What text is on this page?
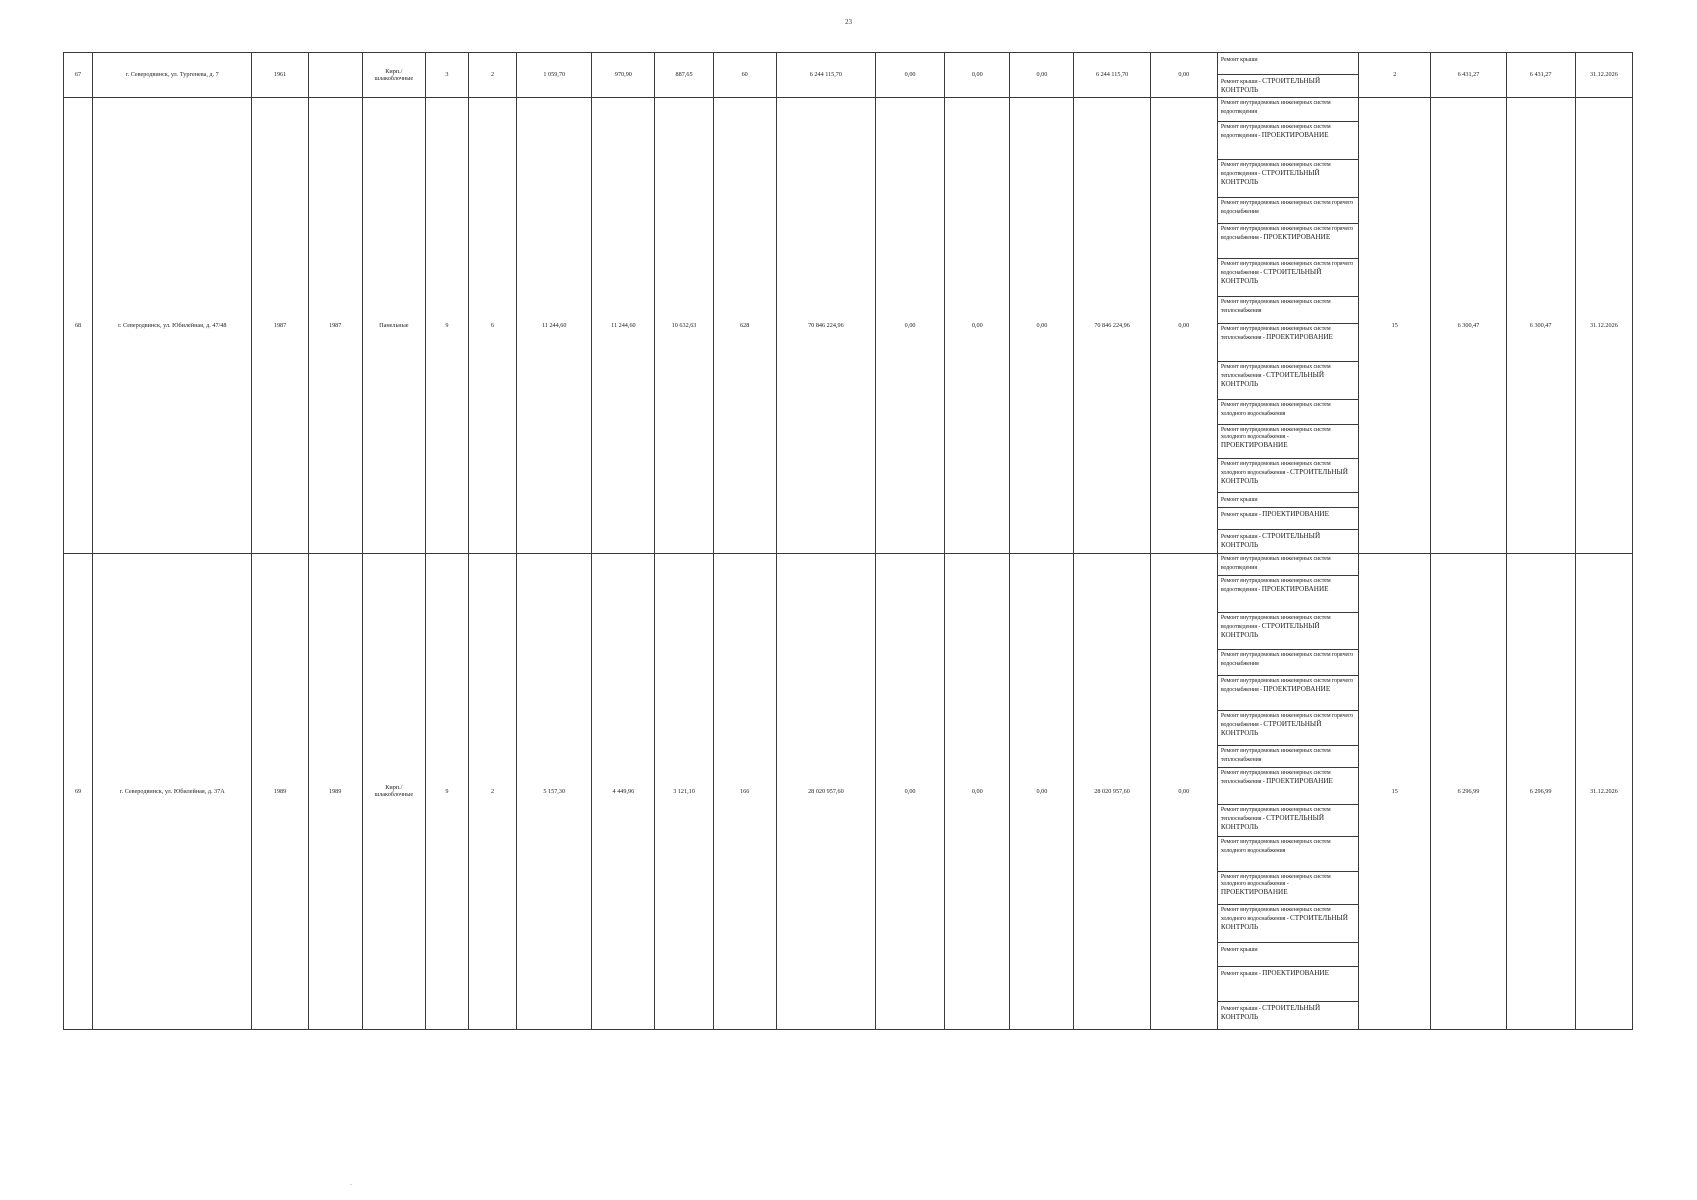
23
67	г. Северодвинск, ул. Тургенева, д. 7	1961		Кирп./ шлакоблочные	3	2	1 059,70	970,90	887,65	60	6 244 115,70	0,00	0,00	0,00	6 244 115,70	0,00	Ремонт крыши	2	6 431,27	6 431,27	31.12.2026
																	Ремонт крыши - СТРОИТЕЛЬНЫЙ КОНТРОЛЬ				
68	г. Северодвинск, ул. Юбилейная, д. 47/48	1987	1987	Панельные	9	6	11 244,60	11 244,60	10 632,63	628	70 846 224,96	0,00	0,00	0,00	70 846 224,96	0,00	Ремонт внутридомовых инженерных систем водоотведения	15	6 300,47	6 300,47	31.12.2026
																	Ремонт внутридомовых инженерных систем водоотведения - ПРОЕКТИРОВАНИЕ				
																	Ремонт внутридомовых инженерных систем водоотведения - СТРОИТЕЛЬНЫЙ КОНТРОЛЬ				
																	Ремонт внутридомовых инженерных систем горячего водоснабжения				
																	Ремонт внутридомовых инженерных систем горячего водоснабжения - ПРОЕКТИРОВАНИЕ				
																	Ремонт внутридомовых инженерных систем горячего водоснабжения - СТРОИТЕЛЬНЫЙ КОНТРОЛЬ				
																	Ремонт внутридомовых инженерных систем теплоснабжения				
																	Ремонт внутридомовых инженерных систем теплоснабжения - ПРОЕКТИРОВАНИЕ				
																	Ремонт внутридомовых инженерных систем теплоснабжения - СТРОИТЕЛЬНЫЙ КОНТРОЛЬ				
																	Ремонт внутридомовых инженерных систем холодного водоснабжения				
																	Ремонт внутридомовых инженерных систем холодного водоснабжения - ПРОЕКТИРОВАНИЕ				
																	Ремонт внутридомовых инженерных систем холодного водоснабжения - СТРОИТЕЛЬНЫЙ КОНТРОЛЬ				
																	Ремонт крыши				
																	Ремонт крыши - ПРОЕКТИРОВАНИЕ				
																	Ремонт крыши - СТРОИТЕЛЬНЫЙ КОНТРОЛЬ				
69	г. Северодвинск, ул. Юбилейная, д. 37А	1989	1989	Кирп./ шлакоблочные	9	2	5 157,30	4 449,96	3 121,10	166	28 020 957,60	0,00	0,00	0,00	28 020 957,60	0,00	Ремонт внутридомовых инженерных систем водоотведения	15	6 296,99	6 296,99	31.12.2026
																	Ремонт внутридомовых инженерных систем водоотведения - ПРОЕКТИРОВАНИЕ				
																	Ремонт внутридомовых инженерных систем водоотведения - СТРОИТЕЛЬНЫЙ КОНТРОЛЬ				
																	Ремонт внутридомовых инженерных систем горячего водоснабжения				
																	Ремонт внутридомовых инженерных систем горячего водоснабжения - ПРОЕКТИРОВАНИЕ				
																	Ремонт внутридомовых инженерных систем горячего водоснабжения - СТРОИТЕЛЬНЫЙ КОНТРОЛЬ				
																	Ремонт внутридомовых инженерных систем теплоснабжения				
																	Ремонт внутридомовых инженерных систем теплоснабжения - ПРОЕКТИРОВАНИЕ				
																	Ремонт внутридомовых инженерных систем теплоснабжения - СТРОИТЕЛЬНЫЙ КОНТРОЛЬ				
																	Ремонт внутридомовых инженерных систем холодного водоснабжения				
																	Ремонт внутридомовых инженерных систем холодного водоснабжения - ПРОЕКТИРОВАНИЕ				
																	Ремонт внутридомовых инженерных систем холодного водоснабжения - СТРОИТЕЛЬНЫЙ КОНТРОЛЬ				
																	Ремонт крыши				
																	Ремонт крыши - ПРОЕКТИРОВАНИЕ				
																	Ремонт крыши - СТРОИТЕЛЬНЫЙ КОНТРОЛЬ				
.
